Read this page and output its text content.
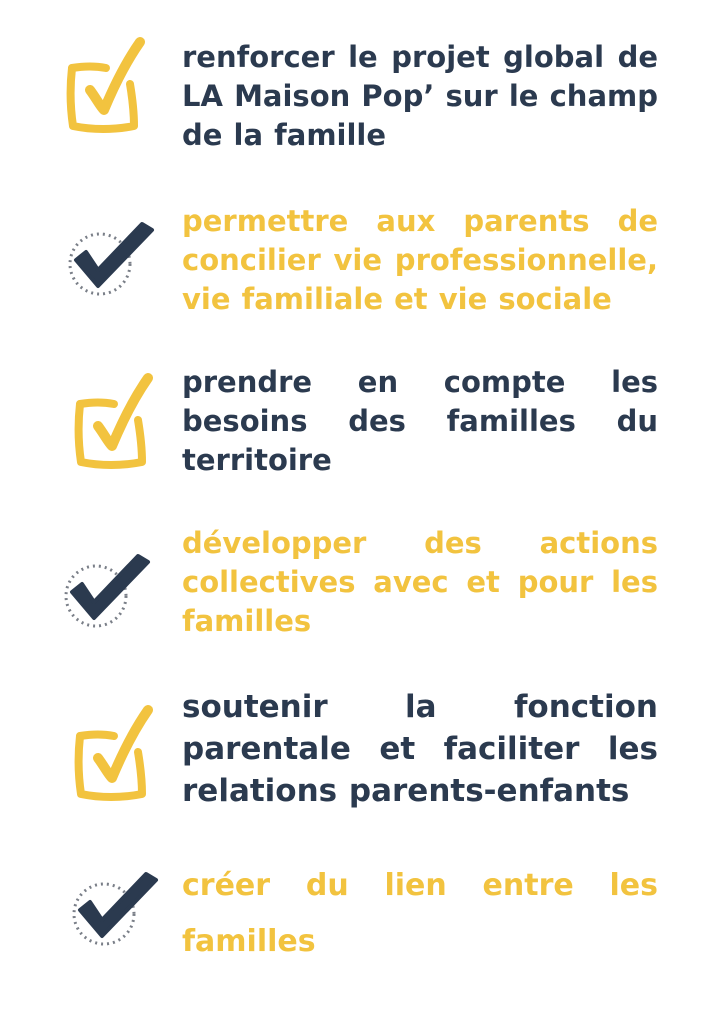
renforcer le projet global de LA Maison Pop’ sur le champ de la famille

permettre aux parents de concilier vie professionnelle, vie familiale et vie sociale

prendre en compte les besoins des familles du territoire

développer des actions collectives avec et pour les familles

soutenir la fonction parentale et faciliter les relations parents-enfants

créer du lien entre les familles
